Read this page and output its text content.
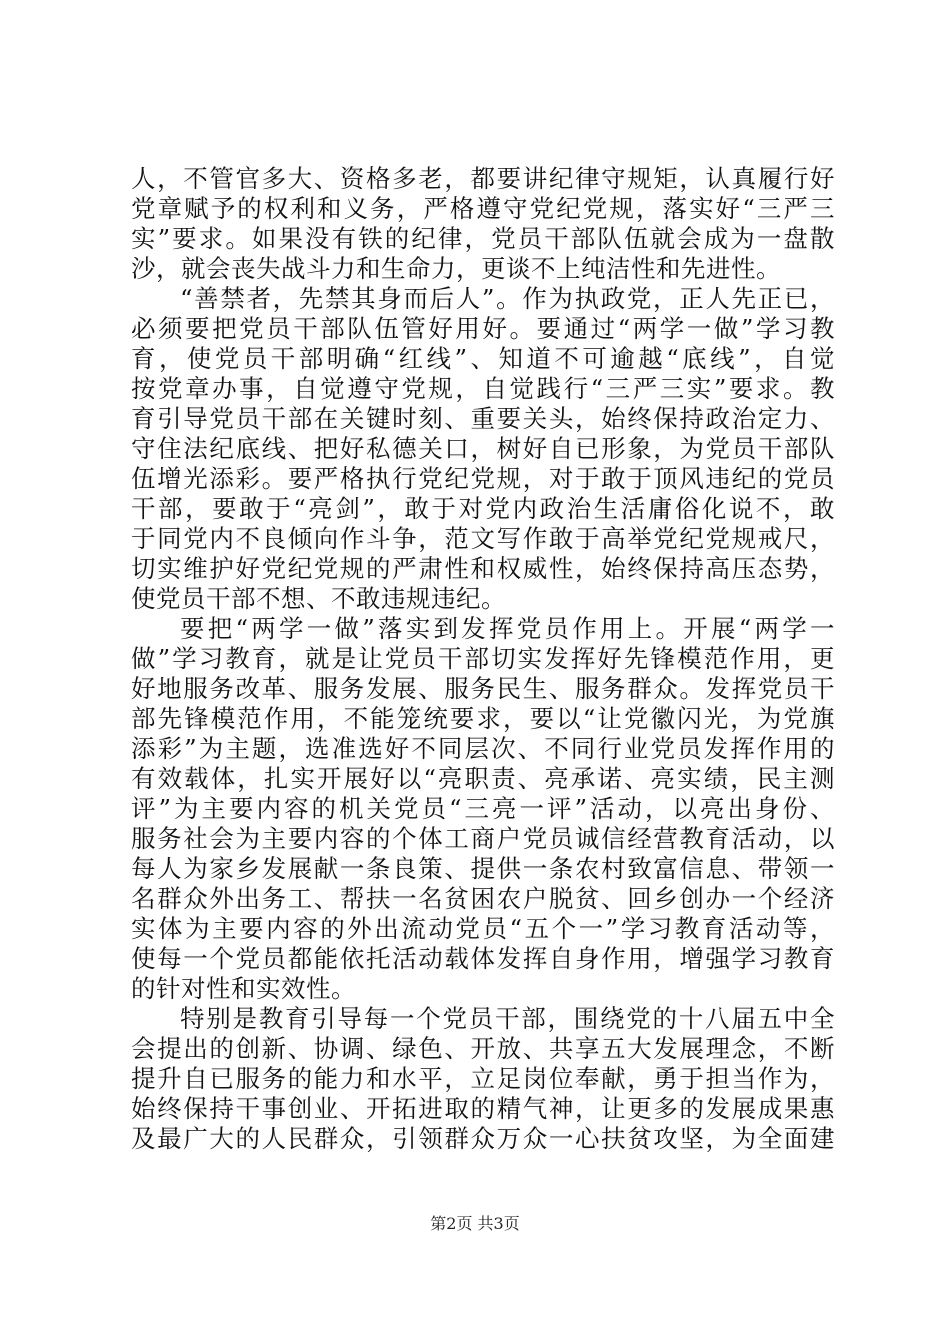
人，不管官多大、资格多老，都要讲纪律守规矩，认真履行好
党章赋予的权利和义务，严格遵守党纪党规，落实好“三严三
实”要求。如果没有铁的纪律，党员干部队伍就会成为一盘散
沙，就会丧失战斗力和生命力，更谈不上纯洁性和先进性。
“善禁者，先禁其身而后人”。作为执政党，正人先正已，
必须要把党员干部队伍管好用好。要通过“两学一做”学习教
育，使党员干部明确“红线”、知道不可逾越“底线”，自觉
按党章办事，自觉遵守党规，自觉践行“三严三实”要求。教
育引导党员干部在关键时刻、重要关头，始终保持政治定力、
守住法纪底线、把好私德关口，树好自已形象，为党员干部队
伍增光添彩。要严格执行党纪党规，对于敢于顶风违纪的党员
干部，要敢于“亮剑”，敢于对党内政治生活庸俗化说不，敢
于同党内不良倾向作斗争，范文写作敢于高举党纪党规戒尺，
切实维护好党纪党规的严肃性和权威性，始终保持高压态势，
使党员干部不想、不敢违规违纪。
要把“两学一做”落实到发挥党员作用上。开展“两学一
做”学习教育，就是让党员干部切实发挥好先锋模范作用，更
好地服务改革、服务发展、服务民生、服务群众。发挥党员干
部先锋模范作用，不能笼统要求，要以“让党徽闪光，为党旗
添彩”为主题，选准选好不同层次、不同行业党员发挥作用的
有效载体，扎实开展好以“亮职责、亮承诺、亮实绩，民主测
评”为主要内容的机关党员“三亮一评”活动，以亮出身份、
服务社会为主要内容的个体工商户党员诚信经营教育活动，以
每人为家乡发展献一条良策、提供一条农村致富信息、带领一
名群众外出务工、帮扶一名贫困农户脱贫、回乡创办一个经济
实体为主要内容的外出流动党员“五个一”学习教育活动等，
使每一个党员都能依托活动载体发挥自身作用，增强学习教育
的针对性和实效性。
特别是教育引导每一个党员干部，围绕党的十八届五中全
会提出的创新、协调、绿色、开放、共享五大发展理念，不断
提升自已服务的能力和水平，立足岗位奉献，勇于担当作为，
始终保持干事创业、开拓进取的精气神，让更多的发展成果惠
及最广大的人民群众，引领群众万众一心扶贫攻坚，为全面建
第2页 共3页
